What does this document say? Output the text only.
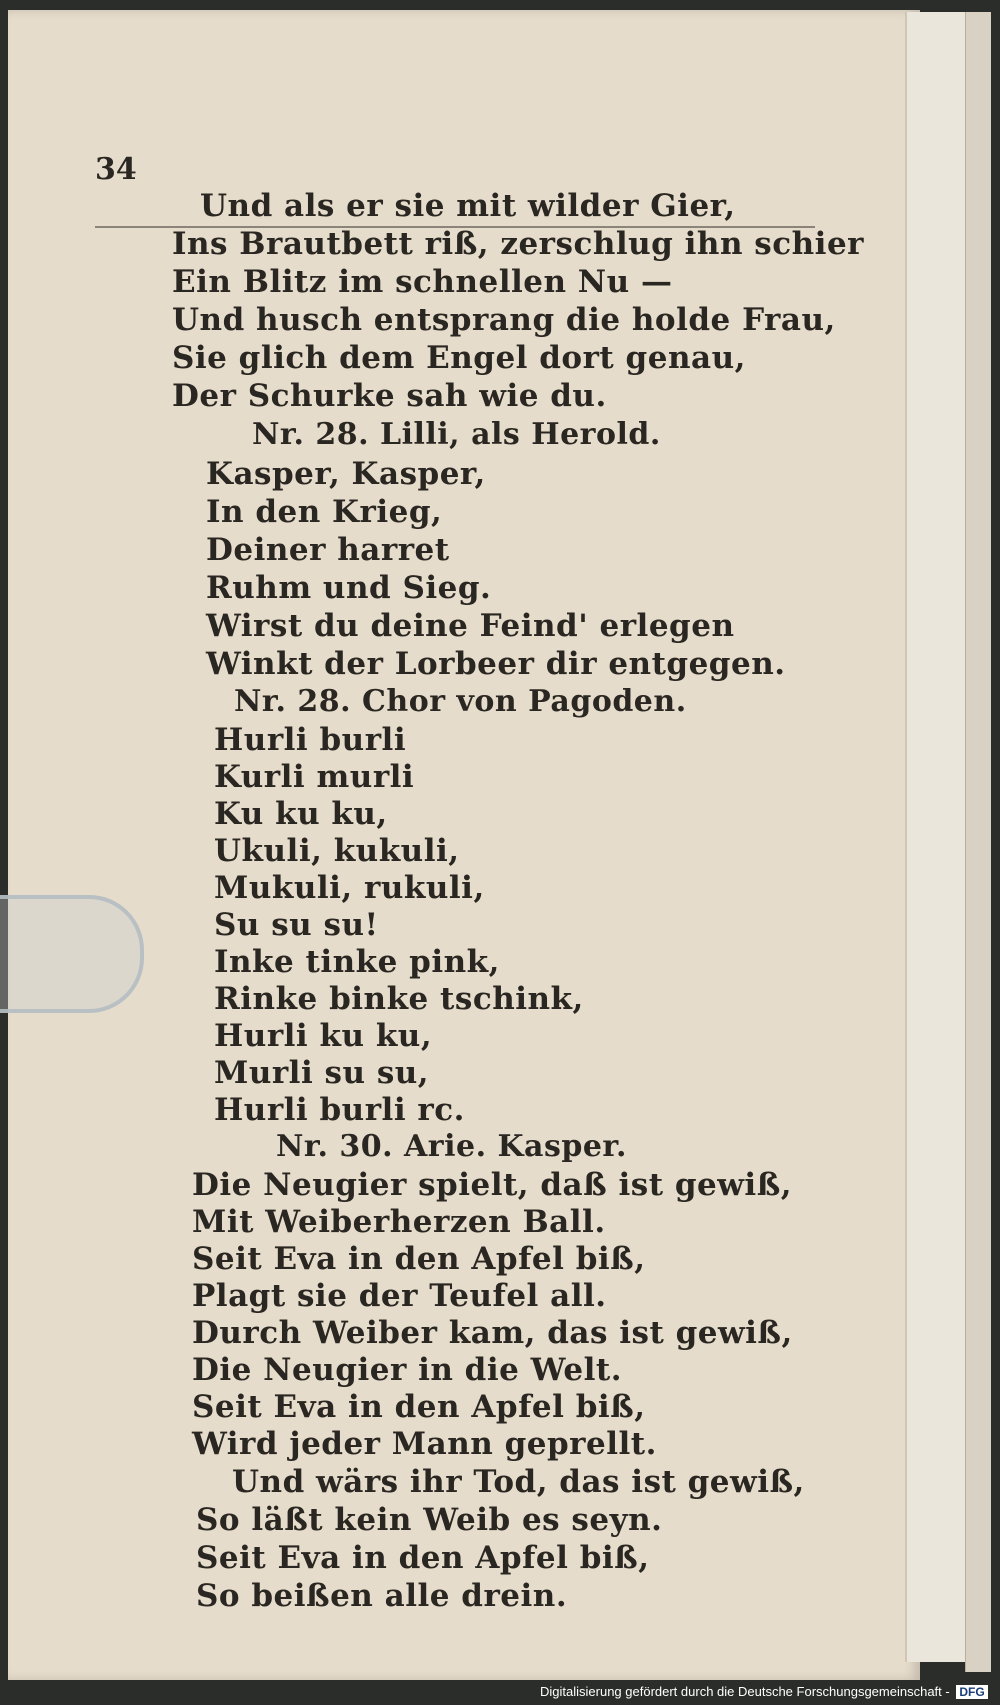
34
Und als er sie mit wilder Gier,
Ins Brautbett riß, zerschlug ihn schier
Ein Blitz im schnellen Nu —
Und husch entsprang die holde Frau,
Sie glich dem Engel dort genau,
Der Schurke sah wie du.
Nr. 28. Lilli, als Herold.
Kasper, Kasper,
In den Krieg,
Deiner harret
Ruhm und Sieg.
Wirst du deine Feind' erlegen
Winkt der Lorbeer dir entgegen.
Nr. 28. Chor von Pagoden.
Hurli burli
Kurli murli
Ku ku ku,
Ukuli, kukuli,
Mukuli, rukuli,
Su su su!
Inke tinke pink,
Rinke binke tschink,
Hurli ku ku,
Murli su su,
Hurli burli rc.
Nr. 30. Arie. Kasper.
Die Neugier spielt, daß ist gewiß,
Mit Weiberherzen Ball.
Seit Eva in den Apfel biß,
Plagt sie der Teufel all.
Durch Weiber kam, das ist gewiß,
Die Neugier in die Welt.
Seit Eva in den Apfel biß,
Wird jeder Mann geprellt.
Und wärs ihr Tod, das ist gewiß,
So läßt kein Weib es seyn.
Seit Eva in den Apfel biß,
So beißen alle drein.
Digitalisierung gefördert durch die Deutsche Forschungsgemeinschaft - DFG
